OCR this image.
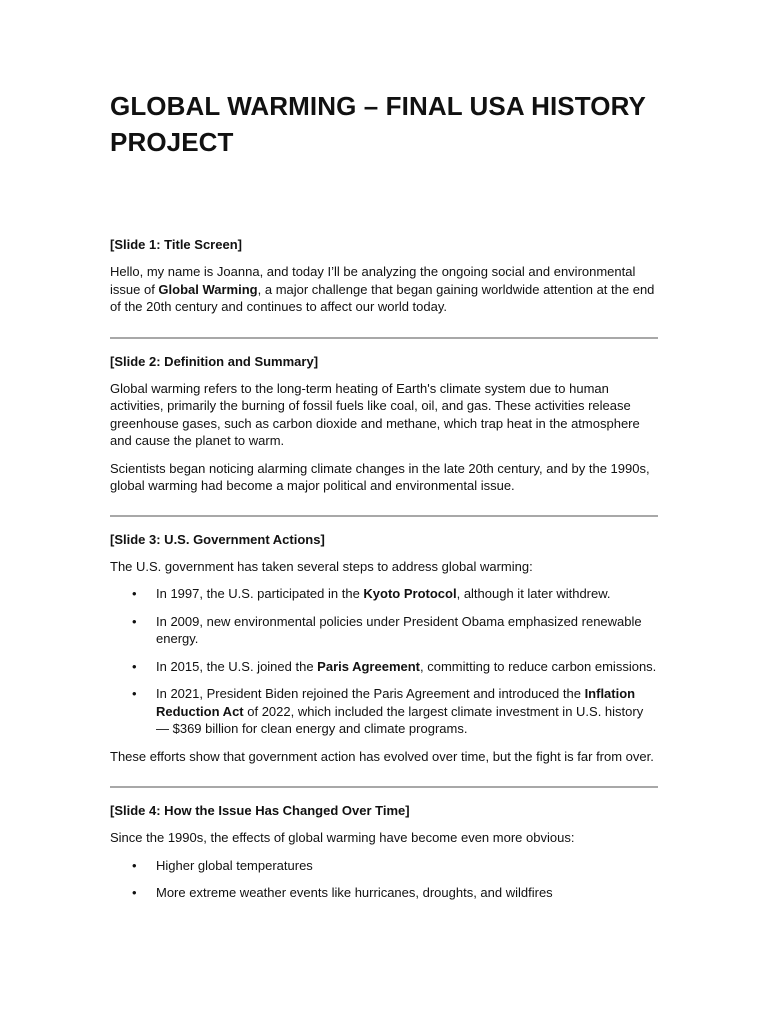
GLOBAL WARMING – FINAL USA HISTORY PROJECT
[Slide 1: Title Screen]

Hello, my name is Joanna, and today I’ll be analyzing the ongoing social and environmental issue of Global Warming, a major challenge that began gaining worldwide attention at the end of the 20th century and continues to affect our world today.

[Slide 2: Definition and Summary]

Global warming refers to the long-term heating of Earth's climate system due to human activities, primarily the burning of fossil fuels like coal, oil, and gas. These activities release greenhouse gases, such as carbon dioxide and methane, which trap heat in the atmosphere and cause the planet to warm.

Scientists began noticing alarming climate changes in the late 20th century, and by the 1990s, global warming had become a major political and environmental issue.

[Slide 3: U.S. Government Actions]

The U.S. government has taken several steps to address global warming:

• In 1997, the U.S. participated in the Kyoto Protocol, although it later withdrew.
• In 2009, new environmental policies under President Obama emphasized renewable energy.
• In 2015, the U.S. joined the Paris Agreement, committing to reduce carbon emissions.
• In 2021, President Biden rejoined the Paris Agreement and introduced the Inflation Reduction Act of 2022, which included the largest climate investment in U.S. history — $369 billion for clean energy and climate programs.

These efforts show that government action has evolved over time, but the fight is far from over.

[Slide 4: How the Issue Has Changed Over Time]

Since the 1990s, the effects of global warming have become even more obvious:

• Higher global temperatures
• More extreme weather events like hurricanes, droughts, and wildfires
